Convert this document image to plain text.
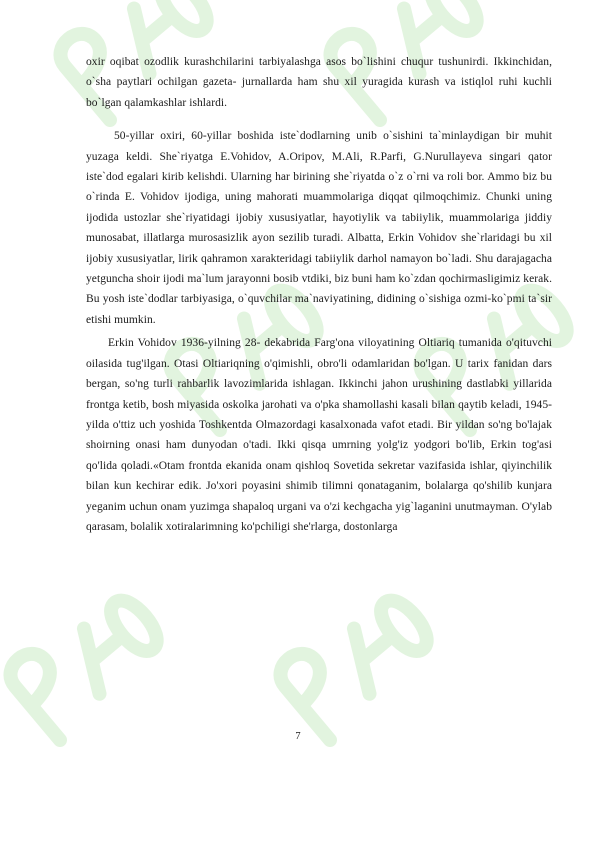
oxir oqibat ozodlik kurashchilarini tarbiyalashga asos bo`lishini chuqur tushunirdi. Ikkinchidan, o`sha paytlari ochilgan gazeta- jurnallarda ham shu xil yuragida kurash va istiqlol ruhi kuchli bo`lgan qalamkashlar ishlardi.

50-yillar oxiri, 60-yillar boshida iste`dodlarning unib o`sishini ta`minlaydigan bir muhit yuzaga keldi. She`riyatga E.Vohidov, A.Oripov, M.Ali, R.Parfi, G.Nurullayeva singari qator iste`dod egalari kirib kelishdi. Ularning har birining she`riyatda o`z o`rni va roli bor. Ammo biz bu o`rinda E. Vohidov ijodiga, uning mahorati muammolariga diqqat qilmoqchimiz. Chunki uning ijodida ustozlar she`riyatidagi ijobiy xususiyatlar, hayotiylik va tabiiylik, muammolariga jiddiy munosabat, illatlarga murosasizlik ayon sezilib turadi. Albatta, Erkin Vohidov she`rlaridagi bu xil ijobiy xususiyatlar, lirik qahramon xarakteridagi tabiiylik darhol namayon bo`ladi. Shu darajagacha yetguncha shoir ijodi ma`lum jarayonni bosib vtdiki, biz buni ham ko`zdan qochirmasligimiz kerak. Bu yosh iste`dodlar tarbiyasiga, o`quvchilar ma`naviyatining, didining o`sishiga ozmi-ko`pmi ta`sir etishi mumkin.

Erkin Vohidov 1936-yilning 28- dekabrida Farg'ona viloyatining Oltiariq tumanida o'qituvchi oilasida tug'ilgan. Otasi Oltiariqning o'qimishli, obro'li odamlaridan bo'lgan. U tarix fanidan dars bergan, so'ng turli rahbarlik lavozimlarida ishlagan. Ikkinchi jahon urushining dastlabki yillarida frontga ketib, bosh miyasida oskolka jarohati va o'pka shamollashi kasali bilan qaytib keladi, 1945- yilda o'ttiz uch yoshida Toshkentda Olmazordagi kasalxonada vafot etadi. Bir yildan so'ng bo'lajak shoirning onasi ham dunyodan o'tadi. Ikki qisqa umrning yolg'iz yodgori bo'lib, Erkin tog'asi qo'lida qoladi.«Otam frontda ekanida onam qishloq Sovetida sekretar vazifasida ishlar, qiyinchilik bilan kun kechirar edik. Jo'xori poyasini shimib tilimni qonataganim, bolalarga qo'shilib kunjara yeganim uchun onam yuzimga shapaloq urgani va o'zi kechgacha yig`laganini unutmayman. O'ylab qarasam, bolalik xotiralarimning ko'pchiligi she'rlarga, dostonlarga

7
